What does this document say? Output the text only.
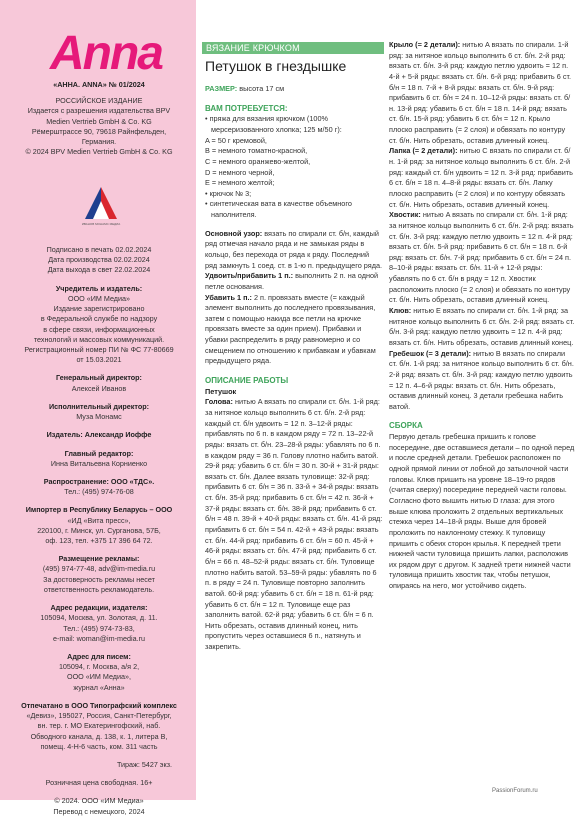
Anna

«АННА. ANNA» № 01/2024

РОССИЙСКОЕ ИЗДАНИЕ

Издается с разрешения издательства BPV

Medien Vertrieb GmbH & Co. KG

Рёмерштрассе 90, 79618 Райнфельден,

Германия.

© 2024 BPV Medien Vertrieb GmbH & Co. KG

ИВАНОВ МОНАМС МЕДИА

Подписано в печать 02.02.2024

Дата производства 02.02.2024

Дата выхода в свет 22.02.2024

Учредитель и издатель:

ООО «ИМ Медиа»

Издание зарегистрировано

в Федеральной службе по надзору

в сфере связи, информационных

технологий и массовых коммуникаций.

Регистрационный номер ПИ № ФС 77-80669

от 15.03.2021

Генеральный директор:

Алексей Иванов

Исполнительный директор:

Муза Монамс

Издатель: Александр Иоффе

Главный редактор:

Инна Витальевна Корниенко

Распространение: ООО «ТДС».

Тел.: (495) 974-76-08

Импортер в Республику Беларусь – ООО

«ИД «Вита пресс»,

220100, г. Минск, ул. Сурганова, 57Б,

оф. 123, тел. +375 17 396 64 72.

Размещение рекламы:

(495) 974-77-48, adv@im-media.ru

За достоверность рекламы несет

ответственность рекламодатель.

Адрес редакции, издателя:

105094, Москва, ул. Золотая, д. 11.

Тел.: (495) 974-73-83,

e-mail: woman@im-media.ru

Адрес для писем:

105094, г. Москва, а/я 2,

ООО «ИМ Медиа»,

журнал «Анна»

Отпечатано в ООО Типографский комплекс

«Девиз», 195027, Россия, Санкт-Петербург,

вн. тер. г. МО Екатерингофский, наб.

Обводного канала, д. 138, к. 1, литера В,

помещ. 4-Н-6 часть, ком. 311 часть

Тираж: 5427 экз.

Розничная цена свободная. 16+

© 2024. ООО «ИМ Медиа»

Перевод с немецкого, 2024

ВЯЗАНИЕ КРЮЧКОМ
Петушок в гнездышке

РАЗМЕР: высота 17 см

ВАМ ПОТРЕБУЕТСЯ:

• пряжа для вязания крючком (100% мерсеризованного хлопка; 125 м/50 г):

A = 50 г кремовой,

B = немного томатно-красной,

C = немного оранжево-желтой,

D = немного черной,

E = немного желтой;

• крючок № 3;

• синтетическая вата в качестве объемного наполнителя.

Основной узор: вязать по спирали ст. б/н, каждый ряд отмечая начало ряда и не замыкая ряды в кольцо, без перехода от ряда к ряду. Последний ряд замкнуть 1 соед. ст. в 1-ю п. предыдущего ряда.

Удвоить/прибавить 1 п.: выполнить 2 п. на одной петле основания.

Убавить 1 п.: 2 п. провязать вместе (= каждый элемент выполнить до последнего провязывания, затем с помощью накида все петли на крючке провязать вместе за один прием). Прибавки и убавки распределить в ряду равномерно и со смещением по отношению к прибавкам и убавкам предыдущего ряда.

ОПИСАНИЕ РАБОТЫ

Петушок

Голова: нитью A вязать по спирали ст. б/н. 1-й ряд: за нитяное кольцо выполнить 6 ст. б/н. 2-й ряд: каждый ст. б/н удвоить = 12 п. 3–12-й ряды: прибавлять по 6 п. в каждом ряду = 72 п. 13–22-й ряды: вязать ст. б/н. 23–28-й ряды: убавлять по 6 п. в каждом ряду = 36 п. Голову плотно набить ватой. 29-й ряд: убавить 6 ст. б/н = 30 п. 30-й + 31-й ряды: вязать ст. б/н. Далее вязать туловище: 32-й ряд: прибавить 6 ст. б/н = 36 п. 33-й + 34-й ряды: вязать ст. б/н. 35-й ряд: прибавить 6 ст. б/н = 42 п. 36-й + 37-й ряды: вязать ст. б/н. 38-й ряд: прибавить 6 ст. б/н = 48 п. 39-й + 40-й ряды: вязать ст. б/н. 41-й ряд: прибавить 6 ст. б/н = 54 п. 42-й + 43-й ряды: вязать ст. б/н. 44-й ряд: прибавить 6 ст. б/н = 60 п. 45-й + 46-й ряды: вязать ст. б/н. 47-й ряд: прибавить 6 ст. б/н = 66 п. 48–52-й ряды: вязать ст. б/н. Туловище плотно набить ватой. 53–59-й ряды: убавлять по 6 п. в ряду = 24 п. Туловище повторно заполнить ватой. 60-й ряд: убавить 6 ст. б/н = 18 п. 61-й ряд: убавить 6 ст. б/н = 12 п. Туловище еще раз заполнить ватой. 62-й ряд: убавить 6 ст. б/н = 6 п. Нить обрезать, оставив длинный конец, нить пропустить через оставшиеся 6 п., натянуть и закрепить.

Крыло (= 2 детали): нитью A вязать по спирали. 1-й ряд: за нитяное кольцо выполнить 6 ст. б/н. 2-й ряд: вязать ст. б/н. 3-й ряд: каждую петлю удвоить = 12 п. 4-й + 5-й ряды: вязать ст. б/н. 6-й ряд: прибавить 6 ст. б/н = 18 п. 7-й + 8-й ряды: вязать ст. б/н. 9-й ряд: прибавить 6 ст. б/н = 24 п. 10–12-й ряды: вязать ст. б/н. 13-й ряд: убавить 6 ст. б/н = 18 п. 14-й ряд: вязать ст. б/н. 15-й ряд: убавить 6 ст. б/н = 12 п. Крыло плоско расправить (= 2 слоя) и обвязать по контуру ст. б/н. Нить обрезать, оставив длинный конец.

Лапка (= 2 детали): нитью C вязать по спирали ст. б/н. 1-й ряд: за нитяное кольцо выполнить 6 ст. б/н. 2-й ряд: каждый ст. б/н удвоить = 12 п. 3-й ряд: прибавить 6 ст. б/н = 18 п. 4–8-й ряды: вязать ст. б/н. Лапку плоско расправить (= 2 слоя) и по контуру обвязать ст. б/н. Нить обрезать, оставив длинный конец.

Хвостик: нитью A вязать по спирали ст. б/н. 1-й ряд: за нитяное кольцо выполнить 6 ст. б/н. 2-й ряд: вязать ст. б/н. 3-й ряд: каждую петлю удвоить = 12 п. 4-й ряд: вязать ст. б/н. 5-й ряд: прибавить 6 ст. б/н = 18 п. 6-й ряд: вязать ст. б/н. 7-й ряд: прибавить 6 ст. б/н = 24 п. 8–10-й ряды: вязать ст. б/н. 11-й + 12-й ряды: убавлять по 6 ст. б/н в ряду = 12 п. Хвостик расположить плоско (= 2 слоя) и обвязать по контуру ст. б/н. Нить обрезать, оставив длинный конец.

Клюв: нитью E вязать по спирали ст. б/н. 1-й ряд: за нитяное кольцо выполнить 6 ст. б/н. 2-й ряд: вязать ст. б/н. 3-й ряд: каждую петлю удвоить = 12 п. 4-й ряд: вязать ст. б/н. Нить обрезать, оставив длинный конец.

Гребешок (= 3 детали): нитью B вязать по спирали ст. б/н. 1-й ряд: за нитяное кольцо выполнить 6 ст. б/н. 2-й ряд: вязать ст. б/н. 3-й ряд: каждую петлю удвоить = 12 п. 4–6-й ряды: вязать ст. б/н. Нить обрезать, оставив длинный конец. 3 детали гребешка набить ватой.

СБОРКА

Первую деталь гребешка пришить к голове посередине, две оставшиеся детали – по одной перед и после средней детали. Гребешок расположен по одной прямой линии от лобной до затылочной части головы. Клюв пришить на уровне 18–19-го рядов (считая сверху) посередине передней части головы. Согласно фото вышить нитью D глаза: для этого выше клюва проложить 2 отдельных вертикальных стежка через 14–18-й ряды. Выше для бровей проложить по наклонному стежку. К туловищу пришить с обеих сторон крылья. К передней трети нижней части туловища пришить лапки, расположив их рядом друг с другом. К задней трети нижней части туловища пришить хвостик так, чтобы петушок, опираясь на него, мог устойчиво сидеть.

PassionForum.ru
